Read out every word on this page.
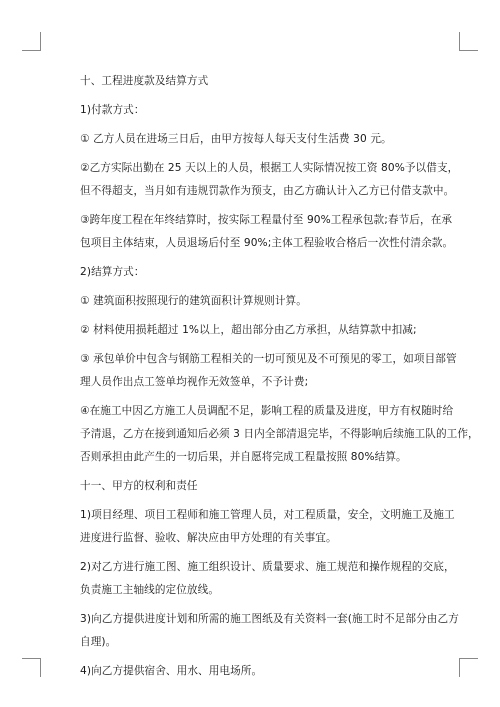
十、工程进度款及结算方式

1)付款方式：

① 乙方人员在进场三日后，由甲方按每人每天支付生活费 30 元。

②乙方实际出勤在 25 天以上的人员，根据工人实际情况按工资 80%予以借支，

但不得超支，当月如有违规罚款作为预支，由乙方确认计入乙方已付借支款中。

③跨年度工程在年终结算时，按实际工程量付至 90%工程承包款;春节后，在承

包项目主体结束，人员退场后付至 90%;主体工程验收合格后一次性付清余款。

2)结算方式：

① 建筑面积按照现行的建筑面积计算规则计算。

② 材料使用损耗超过 1%以上，超出部分由乙方承担，从结算款中扣减;

③ 承包单价中包含与钢筋工程相关的一切可预见及不可预见的零工，如项目部管

理人员作出点工签单均视作无效签单，不予计费;

④在施工中因乙方施工人员调配不足，影响工程的质量及进度，甲方有权随时给

予清退，乙方在接到通知后必须 3 日内全部清退完毕，不得影响后续施工队的工作，

否则承担由此产生的一切后果，并自愿将完成工程量按照 80%结算。

十一、甲方的权利和责任

1)项目经理、项目工程师和施工管理人员，对工程质量，安全，文明施工及施工

进度进行监督、验收、解决应由甲方处理的有关事宜。

2)对乙方进行施工图、施工组织设计、质量要求、施工规范和操作规程的交底，

负责施工主轴线的定位放线。

3)向乙方提供进度计划和所需的施工图纸及有关资料一套(施工时不足部分由乙方

自理)。

4)向乙方提供宿舍、用水、用电场所。
